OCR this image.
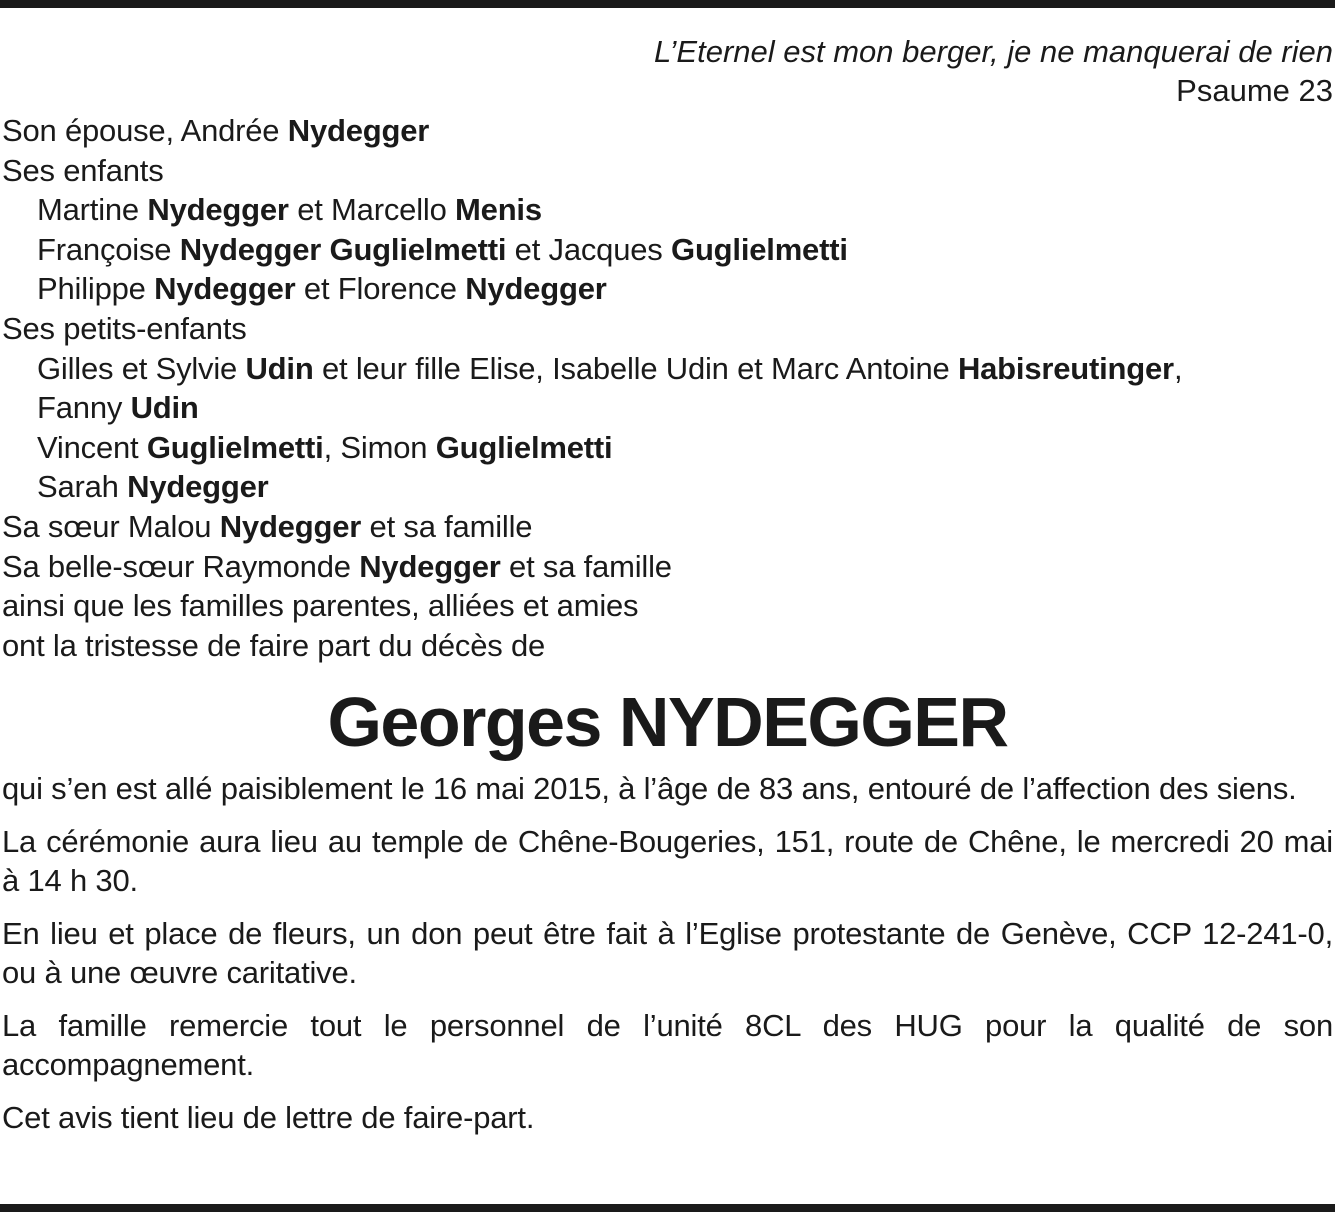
L’Eternel est mon berger, je ne manquerai de rien
Psaume 23
Son épouse, Andrée Nydegger
Ses enfants
Martine Nydegger et Marcello Menis
Françoise Nydegger Guglielmetti et Jacques Guglielmetti
Philippe Nydegger et Florence Nydegger
Ses petits-enfants
Gilles et Sylvie Udin et leur fille Elise, Isabelle Udin et Marc Antoine Habisreutinger,
Fanny Udin
Vincent Guglielmetti, Simon Guglielmetti
Sarah Nydegger
Sa sœur Malou Nydegger et sa famille
Sa belle-sœur Raymonde Nydegger et sa famille
ainsi que les familles parentes, alliées et amies
ont la tristesse de faire part du décès de
Georges NYDEGGER

qui s’en est allé paisiblement le 16 mai 2015, à l’âge de 83 ans, entouré de l’affection des siens.

La cérémonie aura lieu au temple de Chêne-Bougeries, 151, route de Chêne, le mercredi 20 mai à 14 h 30.

En lieu et place de fleurs, un don peut être fait à l’Eglise protestante de Genève, CCP 12-241-0, ou à une œuvre caritative.

La famille remercie tout le personnel de l’unité 8CL des HUG pour la qualité de son accompagnement.

Cet avis tient lieu de lettre de faire-part.
